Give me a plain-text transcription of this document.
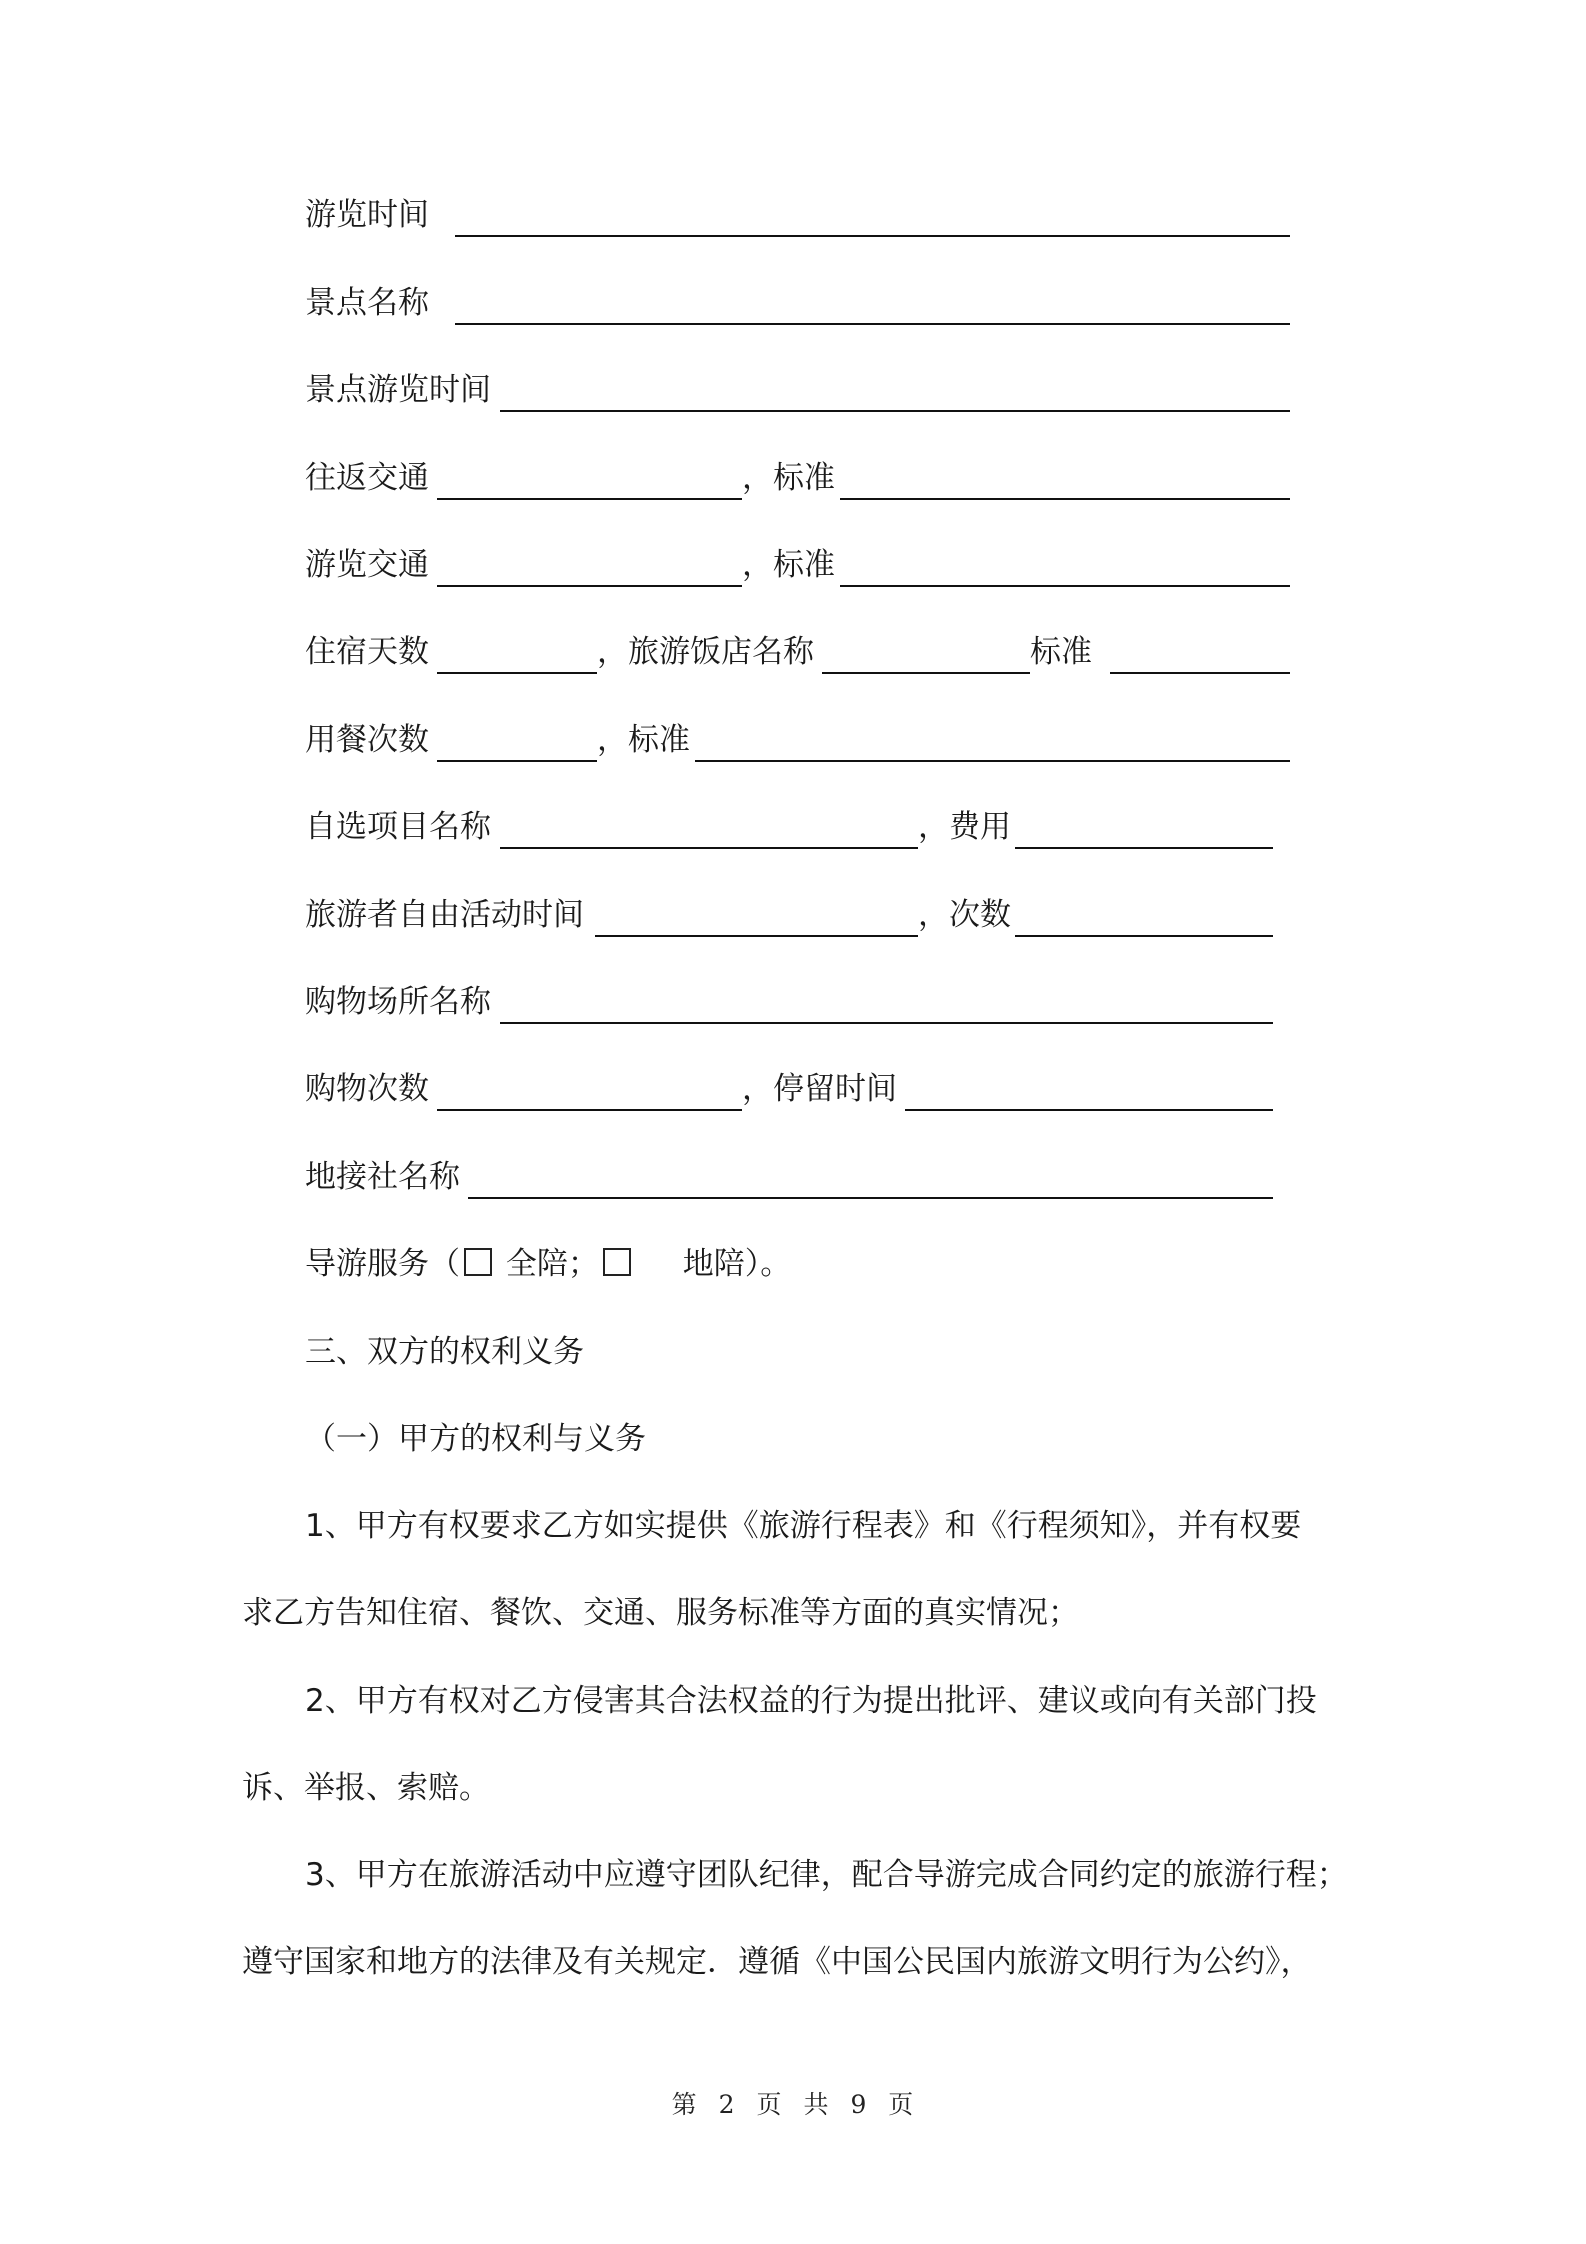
游览时间
景点名称
景点游览时间
往返交通	，标准
游览交通	，标准
住宿天数	，旅游饭店名称	标准
用餐次数	，标准
自选项目名称	，费用
旅游者自由活动时间	，次数
购物场所名称
购物次数	，停留时间
地接社名称
导游服务（ 全陪；	地陪）。
三、双方的权利义务
（一）甲方的权利与义务
1、甲方有权要求乙方如实提供《旅游行程表》和《行程须知》，并有权要
求乙方告知住宿、餐饮、交通、服务标准等方面的真实情况；
2、甲方有权对乙方侵害其合法权益的行为提出批评、建议或向有关部门投
诉、举报、索赔。
3、甲方在旅游活动中应遵守团队纪律，配合导游完成合同约定的旅游行程；
遵守国家和地方的法律及有关规定．遵循《中国公民国内旅游文明行为公约》，
第 2 页 共 9 页
